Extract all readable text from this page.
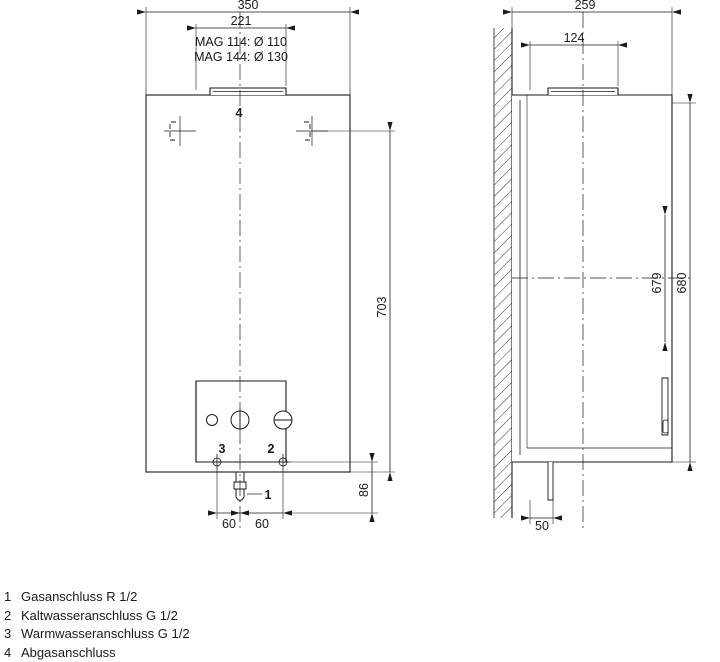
350
221
MAG 114: Ø 110
MAG 144: Ø 130
703
86
60 60
259
124
680
679
50
4
3	2
1
1 Gasanschluss R 1/2
2 Kaltwasseranschluss G 1/2
3 Warmwasseranschluss G 1/2
4 Abgasanschluss
